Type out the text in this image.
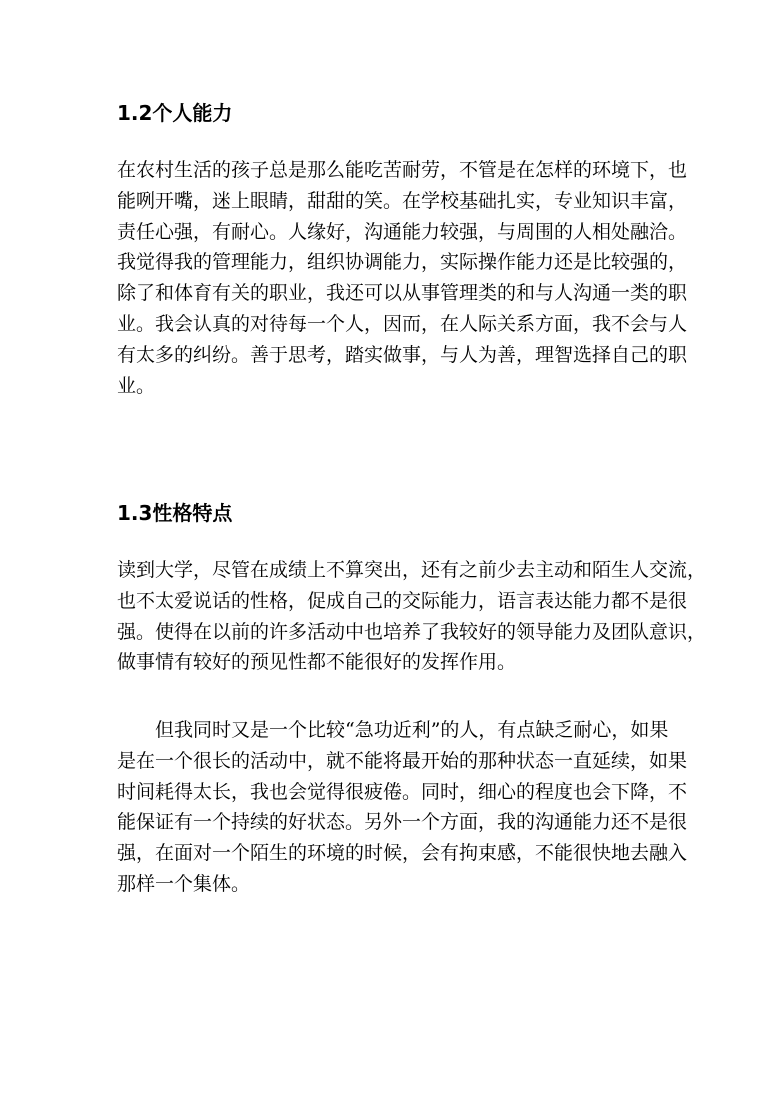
1.2个人能力
在农村生活的孩子总是那么能吃苦耐劳，不管是在怎样的环境下，也
能咧开嘴，迷上眼睛，甜甜的笑。在学校基础扎实，专业知识丰富，
责任心强，有耐心。人缘好，沟通能力较强，与周围的人相处融洽。
我觉得我的管理能力，组织协调能力，实际操作能力还是比较强的，
除了和体育有关的职业，我还可以从事管理类的和与人沟通一类的职
业。我会认真的对待每一个人，因而，在人际关系方面，我不会与人
有太多的纠纷。善于思考，踏实做事，与人为善，理智选择自己的职
业。
1.3性格特点
读到大学，尽管在成绩上不算突出，还有之前少去主动和陌生人交流，
也不太爱说话的性格，促成自己的交际能力，语言表达能力都不是很
强。使得在以前的许多活动中也培养了我较好的领导能力及团队意识，
做事情有较好的预见性都不能很好的发挥作用。
但我同时又是一个比较“急功近利”的人，有点缺乏耐心，如果
是在一个很长的活动中，就不能将最开始的那种状态一直延续，如果
时间耗得太长，我也会觉得很疲倦。同时，细心的程度也会下降，不
能保证有一个持续的好状态。另外一个方面，我的沟通能力还不是很
强，在面对一个陌生的环境的时候，会有拘束感，不能很快地去融入
那样一个集体。
